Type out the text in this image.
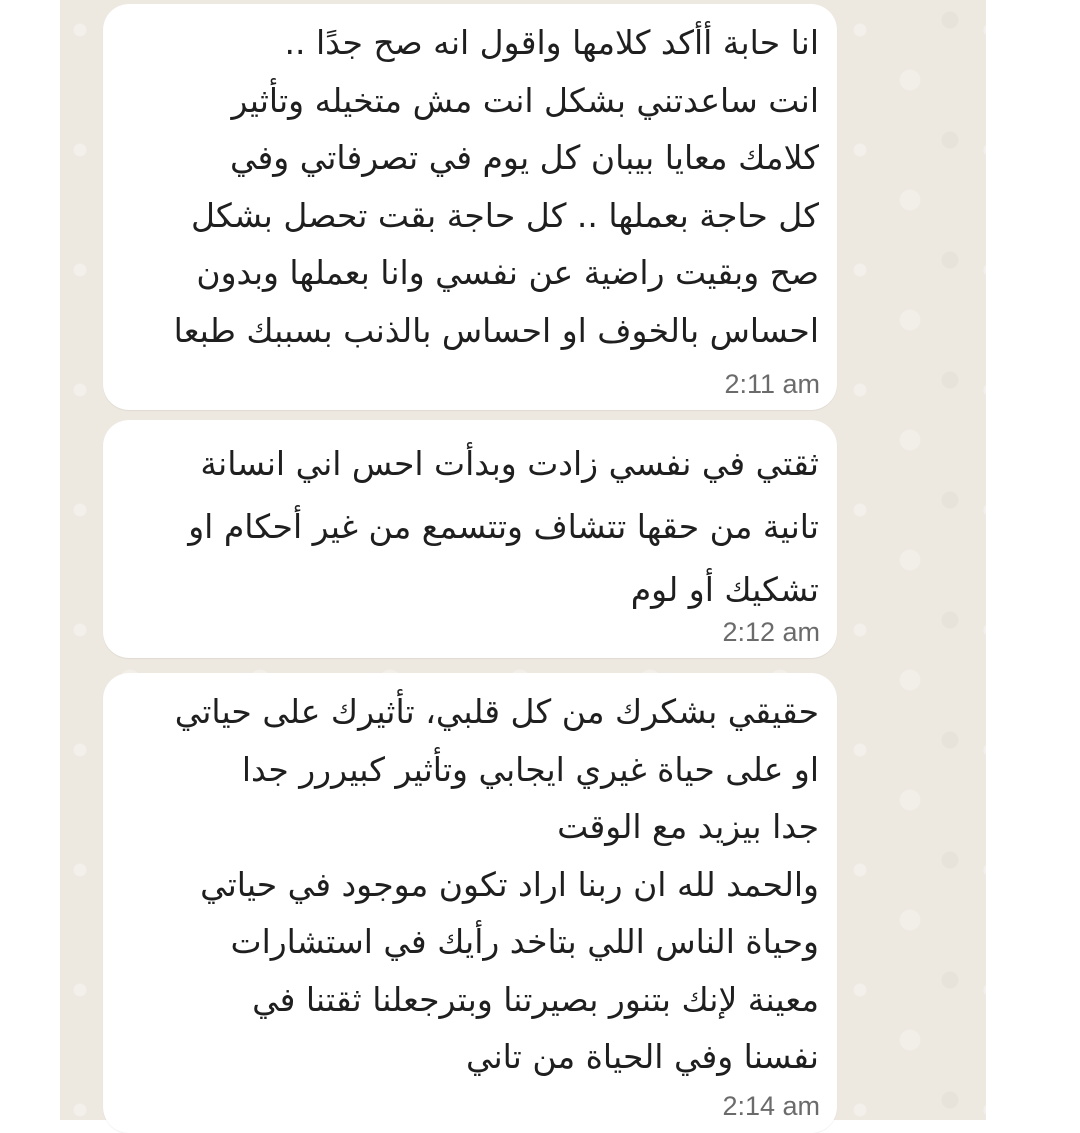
انا حابة أأكد كلامها واقول انه صح جدًا ..
انت ساعدتني بشكل انت مش متخيله وتأثير
كلامك معايا بيبان كل يوم في تصرفاتي وفي
كل حاجة بعملها .. كل حاجة بقت تحصل بشكل
صح وبقيت راضية عن نفسي وانا بعملها وبدون
احساس بالخوف او احساس بالذنب بسببك طبعا

2:11 am

ثقتي في نفسي زادت وبدأت احس اني انسانة
تانية من حقها تتشاف وتتسمع من غير أحكام او
تشكيك أو لوم

2:12 am

حقيقي بشكرك من كل قلبي، تأثيرك على حياتي
او على حياة غيري ايجابي وتأثير كبيررر جدا
جدا بيزيد مع الوقت
والحمد لله ان ربنا اراد تكون موجود في حياتي
وحياة الناس اللي بتاخد رأيك في استشارات
معينة لإنك بتنور بصيرتنا وبترجعلنا ثقتنا في
نفسنا وفي الحياة من تاني

2:14 am
